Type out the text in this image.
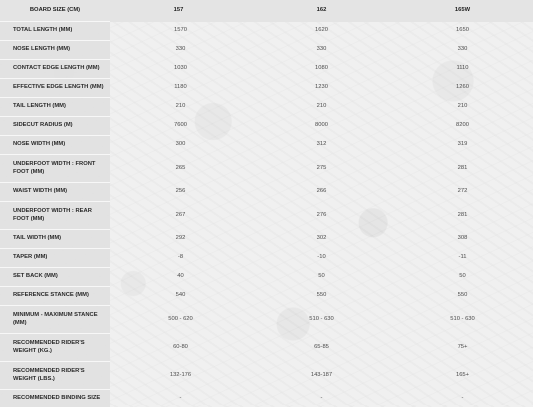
BOARD SIZE (CM)	157	162	165W
TOTAL LENGTH (MM)	1570	1620	1650
NOSE LENGTH (MM)	330	330	330
CONTACT EDGE LENGTH (MM)	1030	1080	1110
EFFECTIVE EDGE LENGTH (MM)	1180	1230	1260
TAIL LENGTH (MM)	210	210	210
SIDECUT RADIUS (M)	7600	8000	8200
NOSE WIDTH (MM)	300	312	319
UNDERFOOT WIDTH : FRONT FOOT (MM)	265	275	281
WAIST WIDTH (MM)	256	266	272
UNDERFOOT WIDTH : REAR FOOT (MM)	267	276	281
TAIL WIDTH (MM)	292	302	308
TAPER (MM)	-8	-10	-11
SET BACK (MM)	40	50	50
REFERENCE STANCE (MM)	540	550	550
MINIMUM - MAXIMUM STANCE (MM)	500 - 620	510 - 630	510 - 630
RECOMMENDED RIDER'S WEIGHT (KG.)	60-80	65-85	75+
RECOMMENDED RIDER'S WEIGHT (LBS.)	132-176	143-187	165+
RECOMMENDED BINDING SIZE	-	-	-
